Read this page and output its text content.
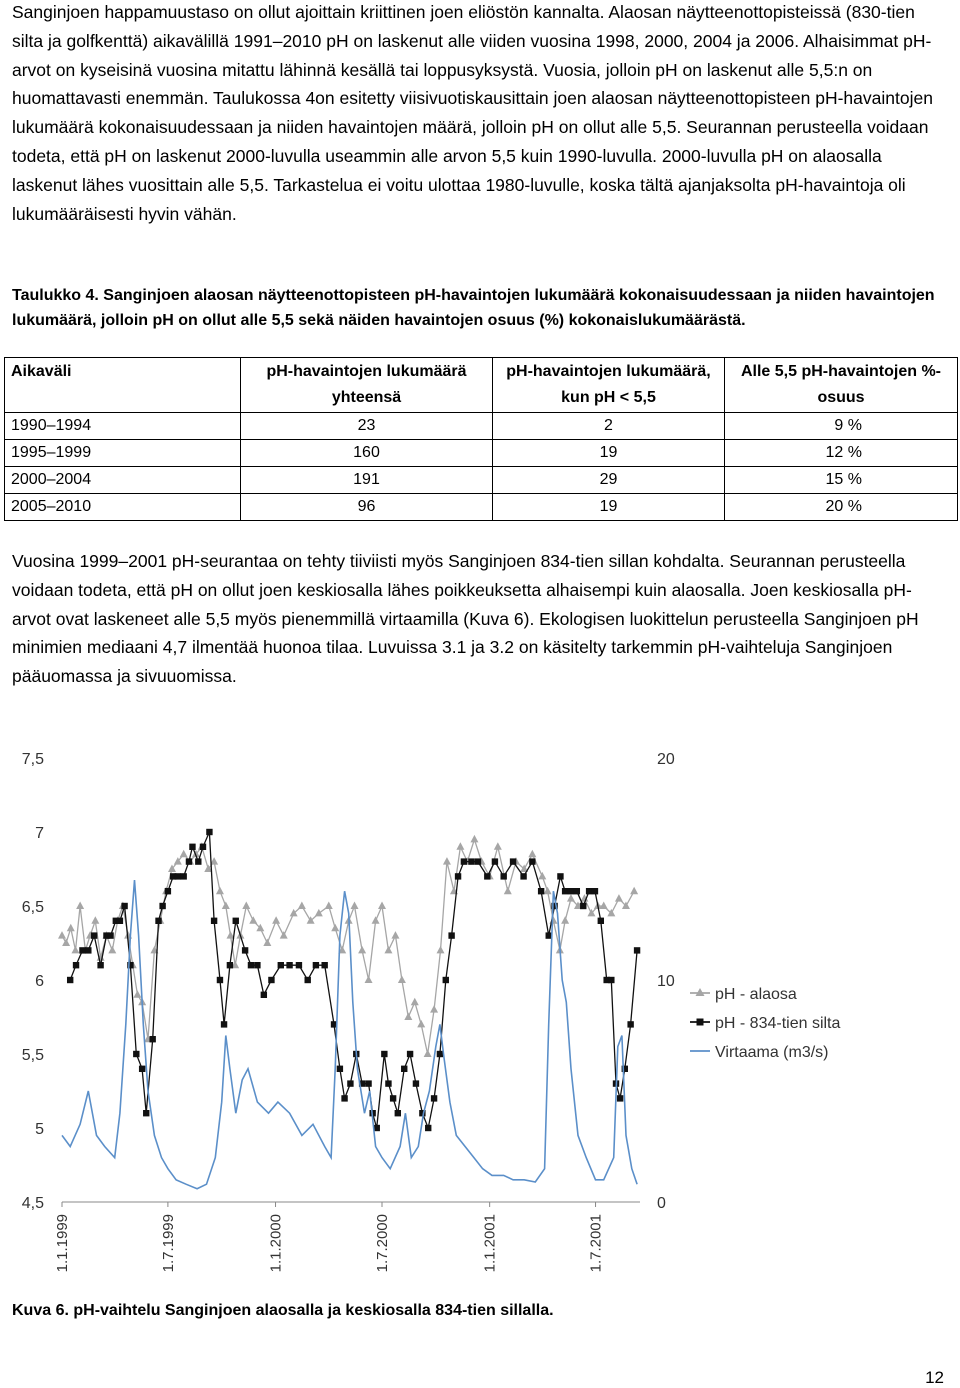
Sanginjoen happamuustaso on ollut ajoittain kriittinen joen eliöstön kannalta. Alaosan näytteenottopisteissä (830-tien silta ja golfkenttä) aikavälillä 1991–2010 pH on laskenut alle viiden vuosina 1998, 2000, 2004 ja 2006. Alhaisimmat pH-arvot on kyseisinä vuosina mitattu lähinnä kesällä tai loppusyksystä. Vuosia, jolloin pH on laskenut alle 5,5:n on huomattavasti enemmän. Taulukossa 4on esitetty viisivuotiskausittain joen alaosan näytteenottopisteen pH-havaintojen lukumäärä kokonaisuudessaan ja niiden havaintojen määrä, jolloin pH on ollut alle 5,5. Seurannan perusteella voidaan todeta, että pH on laskenut 2000-luvulla useammin alle arvon 5,5 kuin 1990-luvulla. 2000-luvulla pH on alaosalla laskenut lähes vuosittain alle 5,5. Tarkastelua ei voitu ulottaa 1980-luvulle, koska tältä ajanjaksolta pH-havaintoja oli lukumääräisesti hyvin vähän.

Taulukko 4. Sanginjoen alaosan näytteenottopisteen pH-havaintojen lukumäärä kokonaisuudessaan ja niiden havaintojen lukumäärä, jolloin pH on ollut alle 5,5 sekä näiden havaintojen osuus (%) kokonaislukumäärästä.

Aikaväli	pH-havaintojen lukumäärä yhteensä	pH-havaintojen lukumäärä, kun pH < 5,5	Alle 5,5 pH-havaintojen %-osuus
1990–1994	23	2	9 %
1995–1999	160	19	12 %
2000–2004	191	29	15 %
2005–2010	96	19	20 %

Vuosina 1999–2001 pH-seurantaa on tehty tiiviisti myös Sanginjoen 834-tien sillan kohdalta. Seurannan perusteella voidaan todeta, että pH on ollut joen keskiosalla lähes poikkeuksetta alhaisempi kuin alaosalla. Joen keskiosalla pH-arvot ovat laskeneet alle 5,5 myös pienemmillä virtaamilla (Kuva 6). Ekologisen luokittelun perusteella Sanginjoen pH minimien mediaani 4,7 ilmentää huonoa tilaa. Luvuissa 3.1 ja 3.2 on käsitelty tarkemmin pH-vaihteluja Sanginjoen pääuomassa ja sivuuomissa.

4,5
5
5,5
6
6,5
7
7,5
0
10
20
1.1.1999	1.7.1999	1.1.2000	1.7.2000	1.1.2001	1.7.2001
pH - alaosa
pH - 834-tien silta
Virtaama (m3/s)

Kuva 6. pH-vaihtelu Sanginjoen alaosalla ja keskiosalla 834-tien sillalla.

12
